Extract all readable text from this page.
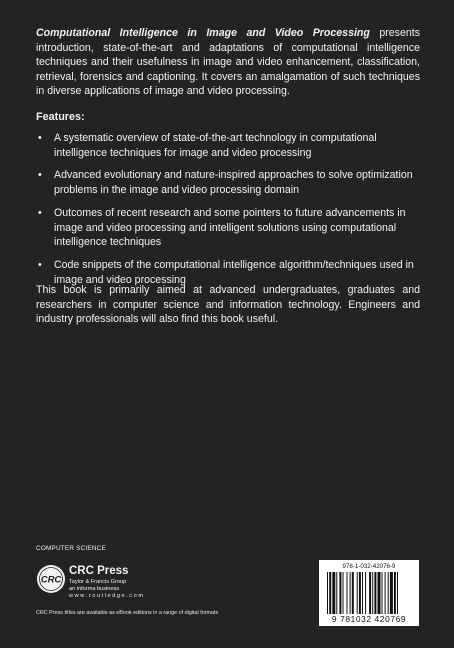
Computational Intelligence in Image and Video Processing presents introduction, state-of-the-art and adaptations of computational intelligence techniques and their usefulness in image and video enhancement, classification, retrieval, forensics and captioning. It covers an amalgamation of such techniques in diverse applications of image and video processing.

Features:

• A systematic overview of state-of-the-art technology in computational intelligence techniques for image and video processing
• Advanced evolutionary and nature-inspired approaches to solve optimization problems in the image and video processing domain
• Outcomes of recent research and some pointers to future advancements in image and video processing and intelligent solutions using computational intelligence techniques
• Code snippets of the computational intelligence algorithm/techniques used in image and video processing

This book is primarily aimed at advanced undergraduates, graduates and researchers in computer science and information technology. Engineers and industry professionals will also find this book useful.

COMPUTER SCIENCE

CRC
CRC Press
Taylor & Francis Group
an informa business
w w w . r o u t l e d g e . c o m

CRC Press titles are available as eBook editions in a range of digital formats

978-1-032-42076-9

9 781032 420769
